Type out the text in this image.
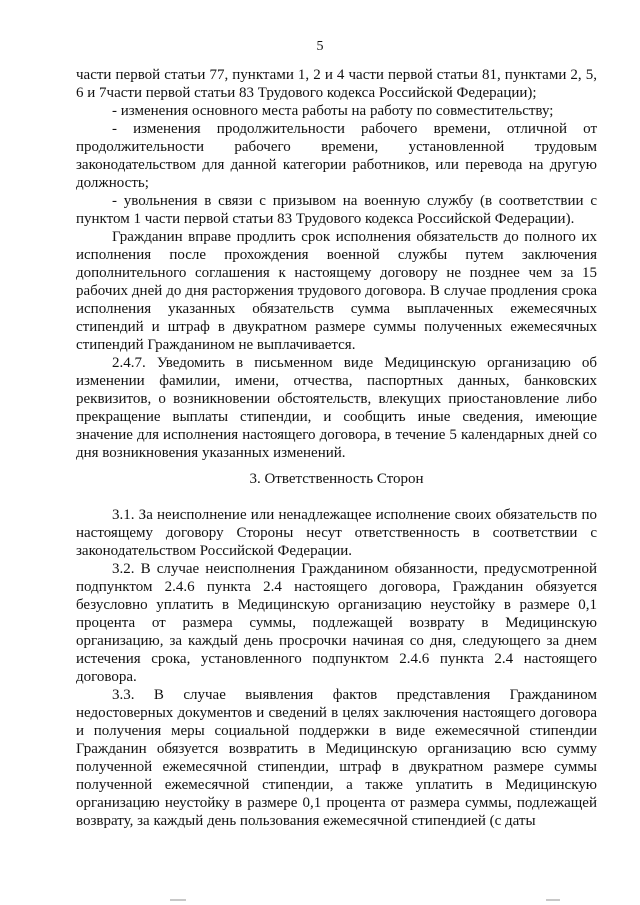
5

части первой статьи 77, пунктами 1, 2 и 4 части первой статьи 81, пунктами 2, 5, 6 и 7части первой статьи 83 Трудового кодекса Российской Федерации);

- изменения основного места работы на работу по совместительству;

- изменения продолжительности рабочего времени, отличной от продолжительности рабочего времени, установленной трудовым законодательством для данной категории работников, или перевода на другую должность;

- увольнения в связи с призывом на военную службу (в соответствии с пунктом 1 части первой статьи 83 Трудового кодекса Российской Федерации).

Гражданин вправе продлить срок исполнения обязательств до полного их исполнения после прохождения военной службы путем заключения дополнительного соглашения к настоящему договору не позднее чем за 15 рабочих дней до дня расторжения трудового договора. В случае продления срока исполнения указанных обязательств сумма выплаченных ежемесячных стипендий и штраф в двукратном размере суммы полученных ежемесячных стипендий Гражданином не выплачивается.

2.4.7. Уведомить в письменном виде Медицинскую организацию об изменении фамилии, имени, отчества, паспортных данных, банковских реквизитов, о возникновении обстоятельств, влекущих приостановление либо прекращение выплаты стипендии, и сообщить иные сведения, имеющие значение для исполнения настоящего договора, в течение 5 календарных дней со дня возникновения указанных изменений.

3. Ответственность Сторон

3.1. За неисполнение или ненадлежащее исполнение своих обязательств по настоящему договору Стороны несут ответственность в соответствии с законодательством Российской Федерации.

3.2. В случае неисполнения Гражданином обязанности, предусмотренной подпунктом 2.4.6 пункта 2.4 настоящего договора, Гражданин обязуется безусловно уплатить в Медицинскую организацию неустойку в размере 0,1 процента от размера суммы, подлежащей возврату в Медицинскую организацию, за каждый день просрочки начиная со дня, следующего за днем истечения срока, установленного подпунктом 2.4.6 пункта 2.4 настоящего договора.

3.3. В случае выявления фактов представления Гражданином недостоверных документов и сведений в целях заключения настоящего договора и получения меры социальной поддержки в виде ежемесячной стипендии Гражданин обязуется возвратить в Медицинскую организацию всю сумму полученной ежемесячной стипендии, штраф в двукратном размере суммы полученной ежемесячной стипендии, а также уплатить в Медицинскую организацию неустойку в размере 0,1 процента от размера суммы, подлежащей возврату, за каждый день пользования ежемесячной стипендией (с даты
